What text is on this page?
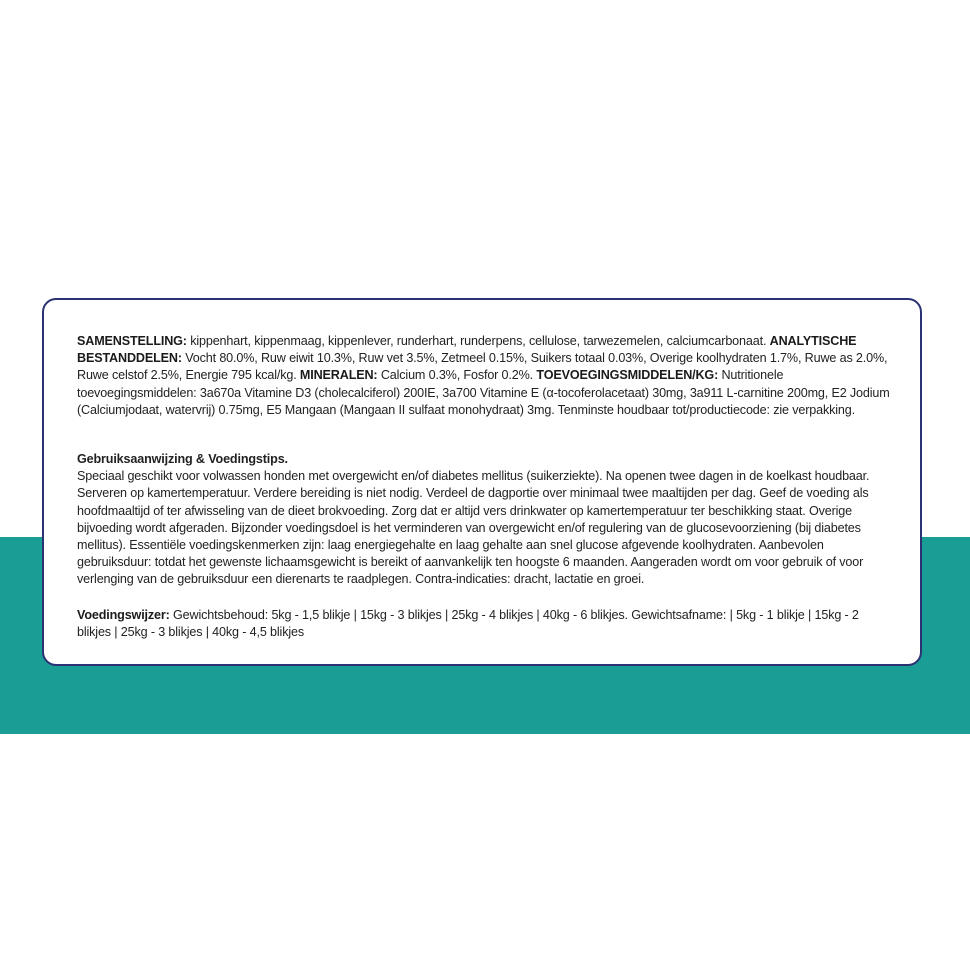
SAMENSTELLING: kippenhart, kippenmaag, kippenlever, runderhart, runderpens, cellulose, tarwezemelen, calciumcarbonaat. ANALYTISCHE BESTANDDELEN: Vocht 80.0%, Ruw eiwit 10.3%, Ruw vet 3.5%, Zetmeel 0.15%, Suikers totaal 0.03%, Overige koolhydraten 1.7%, Ruwe as 2.0%, Ruwe celstof 2.5%, Energie 795 kcal/kg. MINERALEN: Calcium 0.3%, Fosfor 0.2%. TOEVOEGINGSMIDDELEN/KG: Nutritionele toevoegingsmiddelen: 3a670a Vitamine D3 (cholecalciferol) 200IE, 3a700 Vitamine E (α-tocoferolacetaat) 30mg, 3a911 L-carnitine 200mg, E2 Jodium (Calciumjodaat, watervrij) 0.75mg, E5 Mangaan (Mangaan II sulfaat monohydraat) 3mg. Tenminste houdbaar tot/productiecode: zie verpakking.

Gebruiksaanwijzing & Voedingstips.

Speciaal geschikt voor volwassen honden met overgewicht en/of diabetes mellitus (suikerziekte). Na openen twee dagen in de koelkast houdbaar. Serveren op kamertemperatuur. Verdere bereiding is niet nodig. Verdeel de dagportie over minimaal twee maaltijden per dag. Geef de voeding als hoofdmaaltijd of ter afwisseling van de dieet brokvoeding. Zorg dat er altijd vers drinkwater op kamertemperatuur ter beschikking staat. Overige bijvoeding wordt afgeraden. Bijzonder voedingsdoel is het verminderen van overgewicht en/of regulering van de glucosevoorziening (bij diabetes mellitus). Essentiële voedingskenmerken zijn: laag energiegehalte en laag gehalte aan snel glucose afgevende koolhydraten. Aanbevolen gebruiksduur: totdat het gewenste lichaamsgewicht is bereikt of aanvankelijk ten hoogste 6 maanden. Aangeraden wordt om voor gebruik of voor verlenging van de gebruiksduur een dierenarts te raadplegen. Contra-indicaties: dracht, lactatie en groei.

Voedingswijzer: Gewichtsbehoud: 5kg - 1,5 blikje | 15kg - 3 blikjes | 25kg - 4 blikjes | 40kg - 6 blikjes. Gewichtsafname: | 5kg - 1 blikje | 15kg - 2 blikjes | 25kg - 3 blikjes | 40kg - 4,5 blikjes
